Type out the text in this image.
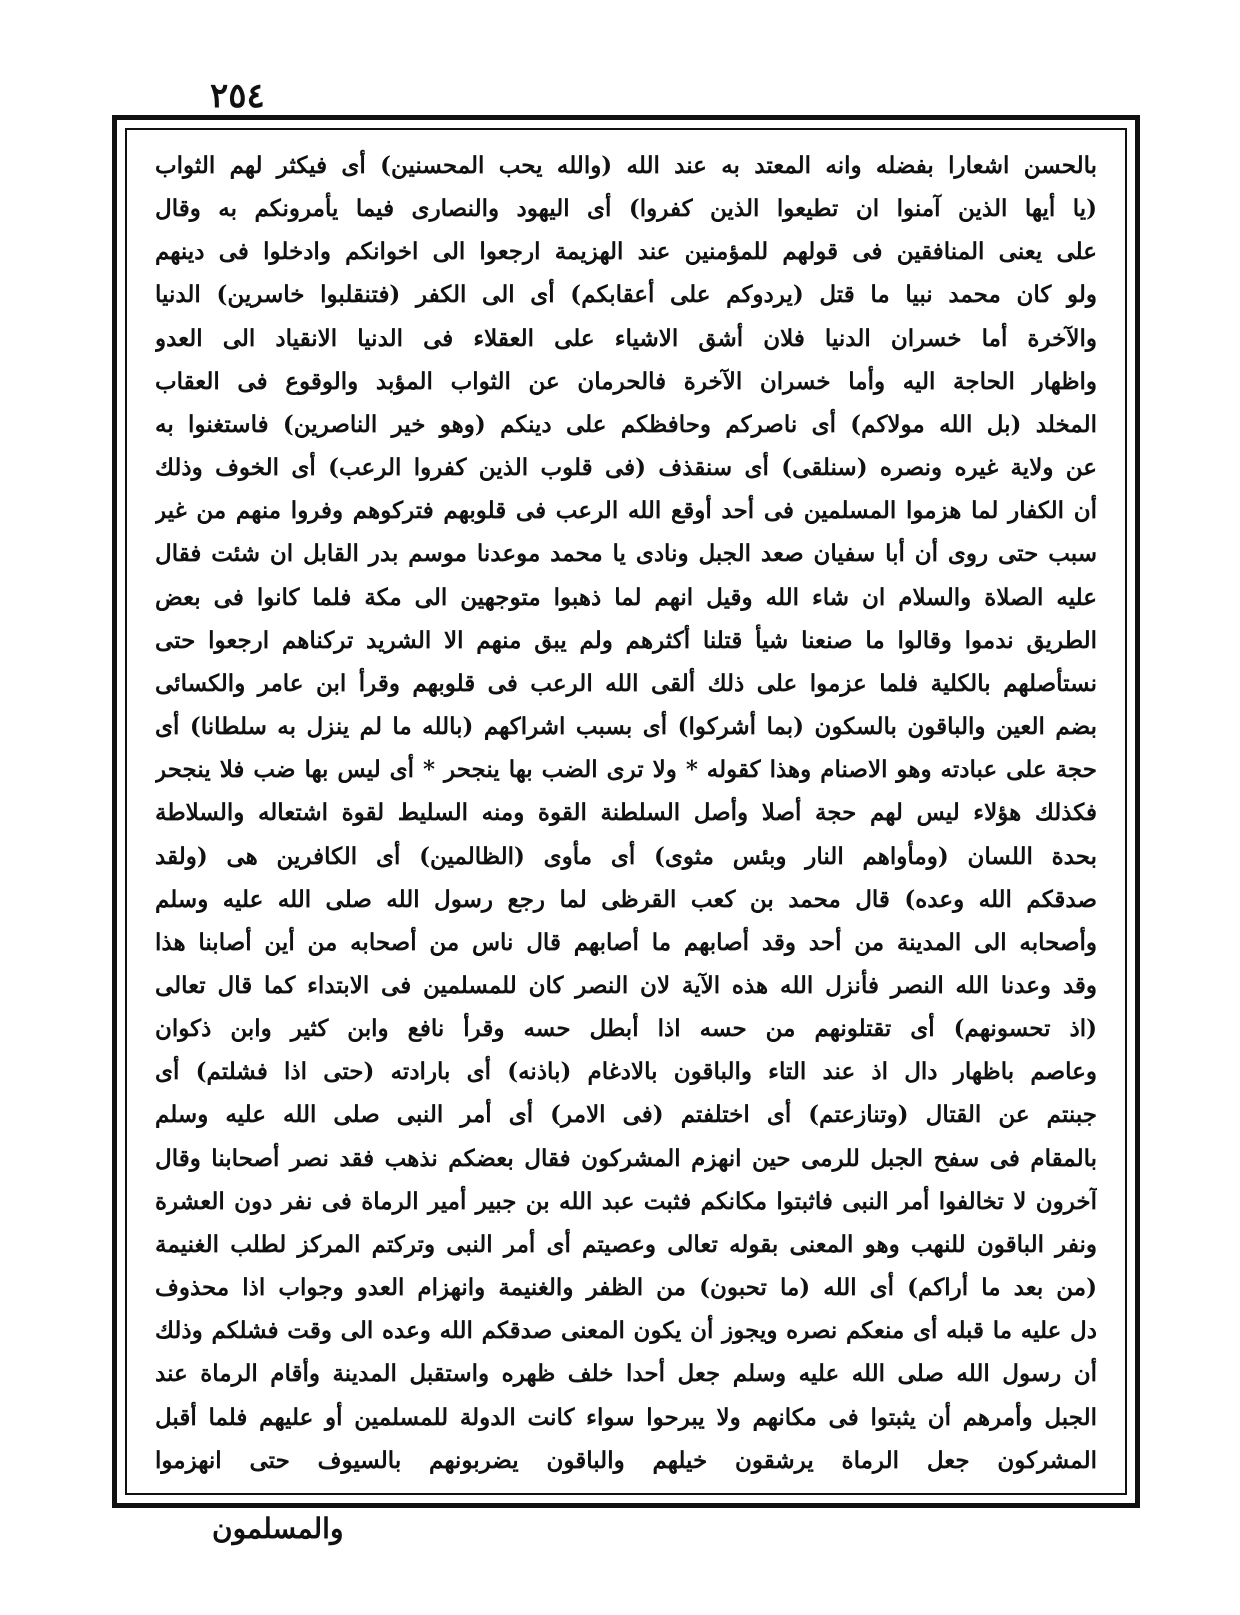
٢٥٤
بالحسن اشعارا بفضله وانه المعتد به عند الله (والله يحب المحسنين) أى فيكثر لهم الثواب
(يا أيها الذين آمنوا ان تطيعوا الذين كفروا) أى اليهود والنصارى فيما يأمرونكم به وقال
على يعنى المنافقين فى قولهم للمؤمنين عند الهزيمة ارجعوا الى اخوانكم وادخلوا فى دينهم
ولو كان محمد نبيا ما قتل (يردوكم على أعقابكم) أى الى الكفر (فتنقلبوا خاسرين) الدنيا
والآخرة أما خسران الدنيا فلان أشق الاشياء على العقلاء فى الدنيا الانقياد الى العدو
واظهار الحاجة اليه وأما خسران الآخرة فالحرمان عن الثواب المؤبد والوقوع فى العقاب
المخلد (بل الله مولاكم) أى ناصركم وحافظكم على دينكم (وهو خير الناصرين) فاستغنوا به
عن ولاية غيره ونصره (سنلقى) أى سنقذف (فى قلوب الذين كفروا الرعب) أى الخوف وذلك
أن الكفار لما هزموا المسلمين فى أحد أوقع الله الرعب فى قلوبهم فتركوهم وفروا منهم من غير
سبب حتى روى أن أبا سفيان صعد الجبل ونادى يا محمد موعدنا موسم بدر القابل ان شئت فقال
عليه الصلاة والسلام ان شاء الله وقيل انهم لما ذهبوا متوجهين الى مكة فلما كانوا فى بعض
الطريق ندموا وقالوا ما صنعنا شيأ قتلنا أكثرهم ولم يبق منهم الا الشريد تركناهم ارجعوا حتى
نستأصلهم بالكلية فلما عزموا على ذلك ألقى الله الرعب فى قلوبهم وقرأ ابن عامر والكسائى
بضم العين والباقون بالسكون (بما أشركوا) أى بسبب اشراكهم (بالله ما لم ينزل به سلطانا) أى
حجة على عبادته وهو الاصنام وهذا كقوله * ولا ترى الضب بها ينجحر * أى ليس بها ضب فلا ينجحر
فكذلك هؤلاء ليس لهم حجة أصلا وأصل السلطنة القوة ومنه السليط لقوة اشتعاله والسلاطة
بحدة اللسان (ومأواهم النار وبئس مثوى) أى مأوى (الظالمين) أى الكافرين هى (ولقد
صدقكم الله وعده) قال محمد بن كعب القرظى لما رجع رسول الله صلى الله عليه وسلم
وأصحابه الى المدينة من أحد وقد أصابهم ما أصابهم قال ناس من أصحابه من أين أصابنا هذا
وقد وعدنا الله النصر فأنزل الله هذه الآية لان النصر كان للمسلمين فى الابتداء كما قال تعالى
(اذ تحسونهم) أى تقتلونهم من حسه اذا أبطل حسه وقرأ نافع وابن كثير وابن ذكوان
وعاصم باظهار دال اذ عند التاء والباقون بالادغام (باذنه) أى بارادته (حتى اذا فشلتم) أى
جبنتم عن القتال (وتنازعتم) أى اختلفتم (فى الامر) أى أمر النبى صلى الله عليه وسلم
بالمقام فى سفح الجبل للرمى حين انهزم المشركون فقال بعضكم نذهب فقد نصر أصحابنا وقال
آخرون لا تخالفوا أمر النبى فاثبتوا مكانكم فثبت عبد الله بن جبير أمير الرماة فى نفر دون العشرة
ونفر الباقون للنهب وهو المعنى بقوله تعالى وعصيتم أى أمر النبى وتركتم المركز لطلب الغنيمة
(من بعد ما أراكم) أى الله (ما تحبون) من الظفر والغنيمة وانهزام العدو وجواب اذا محذوف
دل عليه ما قبله أى منعكم نصره ويجوز أن يكون المعنى صدقكم الله وعده الى وقت فشلكم وذلك
أن رسول الله صلى الله عليه وسلم جعل أحدا خلف ظهره واستقبل المدينة وأقام الرماة عند
الجبل وأمرهم أن يثبتوا فى مكانهم ولا يبرحوا سواء كانت الدولة للمسلمين أو عليهم فلما أقبل
المشركون جعل الرماة يرشقون خيلهم والباقون يضربونهم بالسيوف حتى انهزموا
والمسلمون
